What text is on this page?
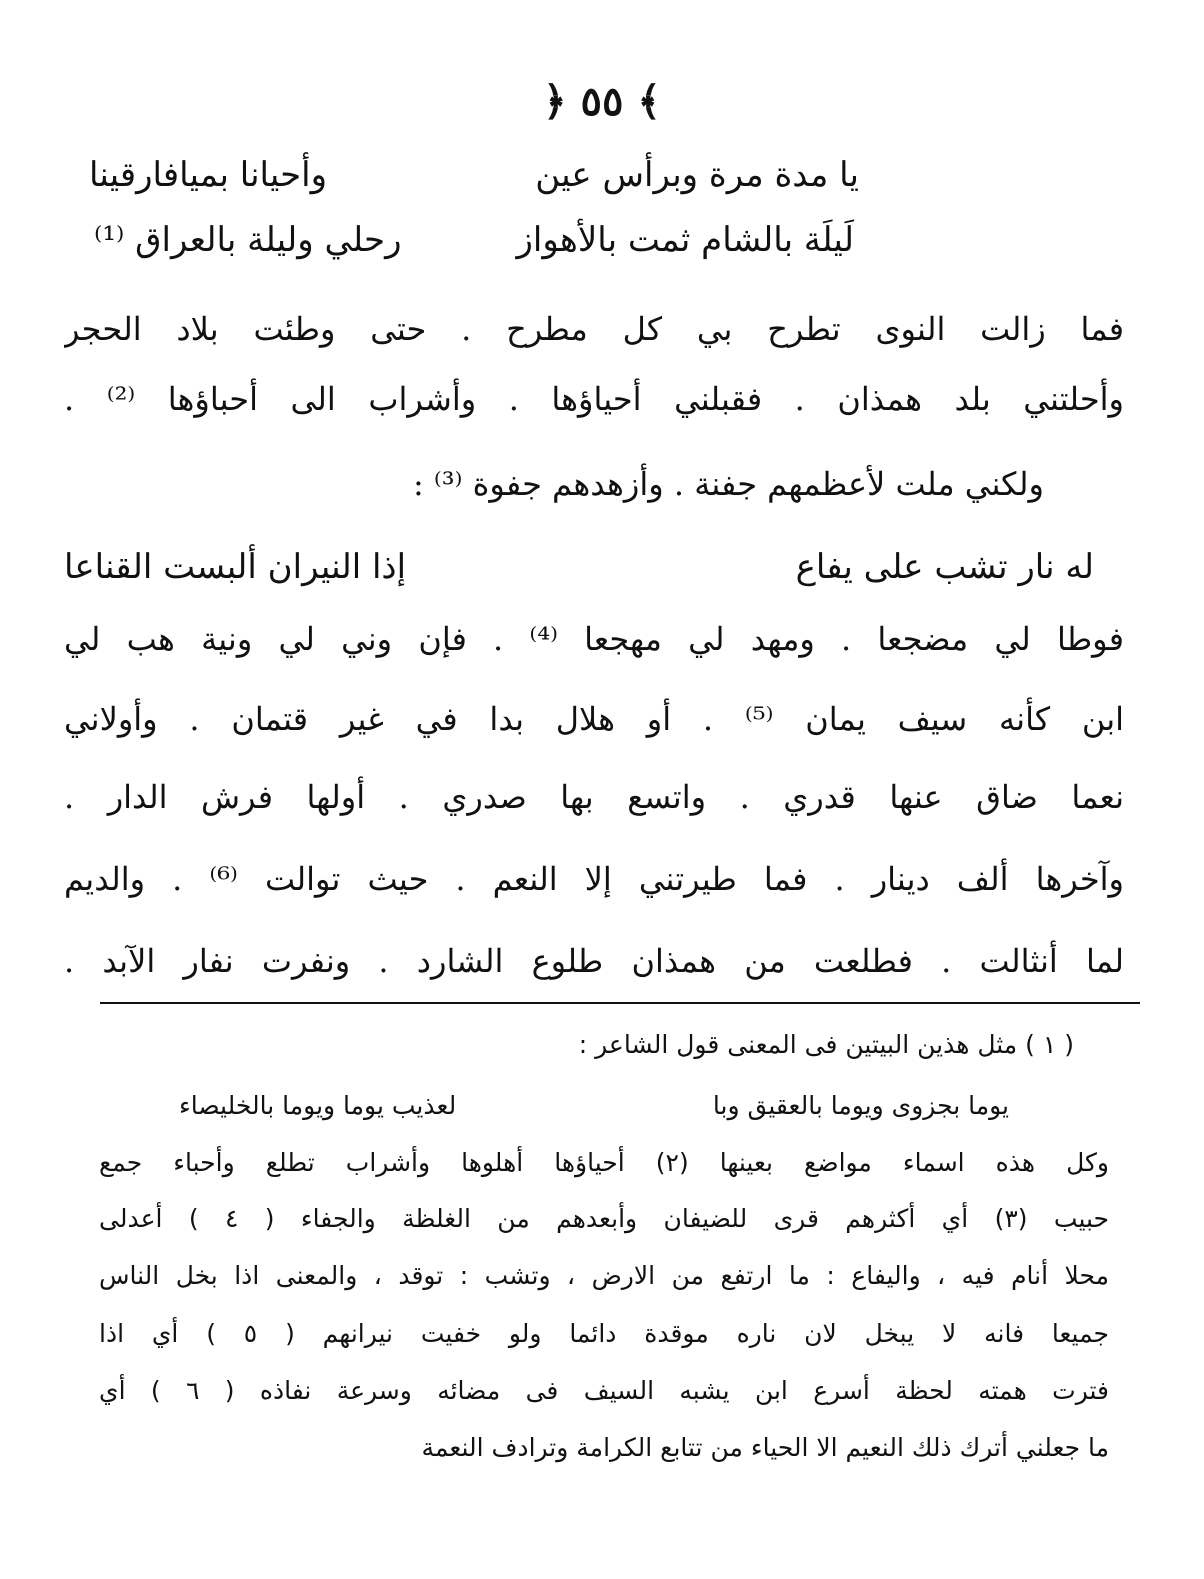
﴿ ٥٥ ﴾
يا مدة مرة وبرأس عين
وأحيانا بميافارقينا
لَيلَة بالشام ثمت بالأهواز
رحلي وليلة بالعراق ⁽¹⁾
فما زالت النوى تطرح بي كل مطرح . حتى وطئت بلاد الحجر
وأحلتني بلد همذان . فقبلني أحياؤها . وأشراب الى أحباؤها ⁽²⁾ .
ولكني ملت لأعظمهم جفنة . وأزهدهم جفوة ⁽³⁾ :
له نار تشب على يفاع
إذا النيران ألبست القناعا
فوطا لي مضجعا . ومهد لي مهجعا ⁽⁴⁾ . فإن وني لي ونية هب لي
ابن كأنه سيف يمان ⁽⁵⁾ . أو هلال بدا في غير قتمان . وأولاني
نعما ضاق عنها قدري . واتسع بها صدري . أولها فرش الدار .
وآخرها ألف دينار . فما طيرتني إلا النعم . حيث توالت ⁽⁶⁾ . والديم
لما أنثالت . فطلعت من همذان طلوع الشارد . ونفرت نفار الآبد .
( ١ ) مثل هذين البيتين فى المعنى قول الشاعر :
يوما بجزوى ويوما بالعقيق وبا
لعذيب يوما ويوما بالخليصاء
وكل هذه اسماء مواضع بعينها (٢) أحياؤها أهلوها وأشراب تطلع وأحباء جمع
حبيب (٣) أي أكثرهم قرى للضيفان وأبعدهم من الغلظة والجفاء ( ٤ ) أعدلى
محلا أنام فيه ، واليفاع : ما ارتفع من الارض ، وتشب : توقد ، والمعنى اذا بخل الناس
جميعا فانه لا يبخل لان ناره موقدة دائما ولو خفيت نيرانهم ( ٥ ) أي اذا
فترت همته لحظة أسرع ابن يشبه السيف فى مضائه وسرعة نفاذه ( ٦ ) أي
ما جعلني أترك ذلك النعيم الا الحياء من تتابع الكرامة وترادف النعمة
